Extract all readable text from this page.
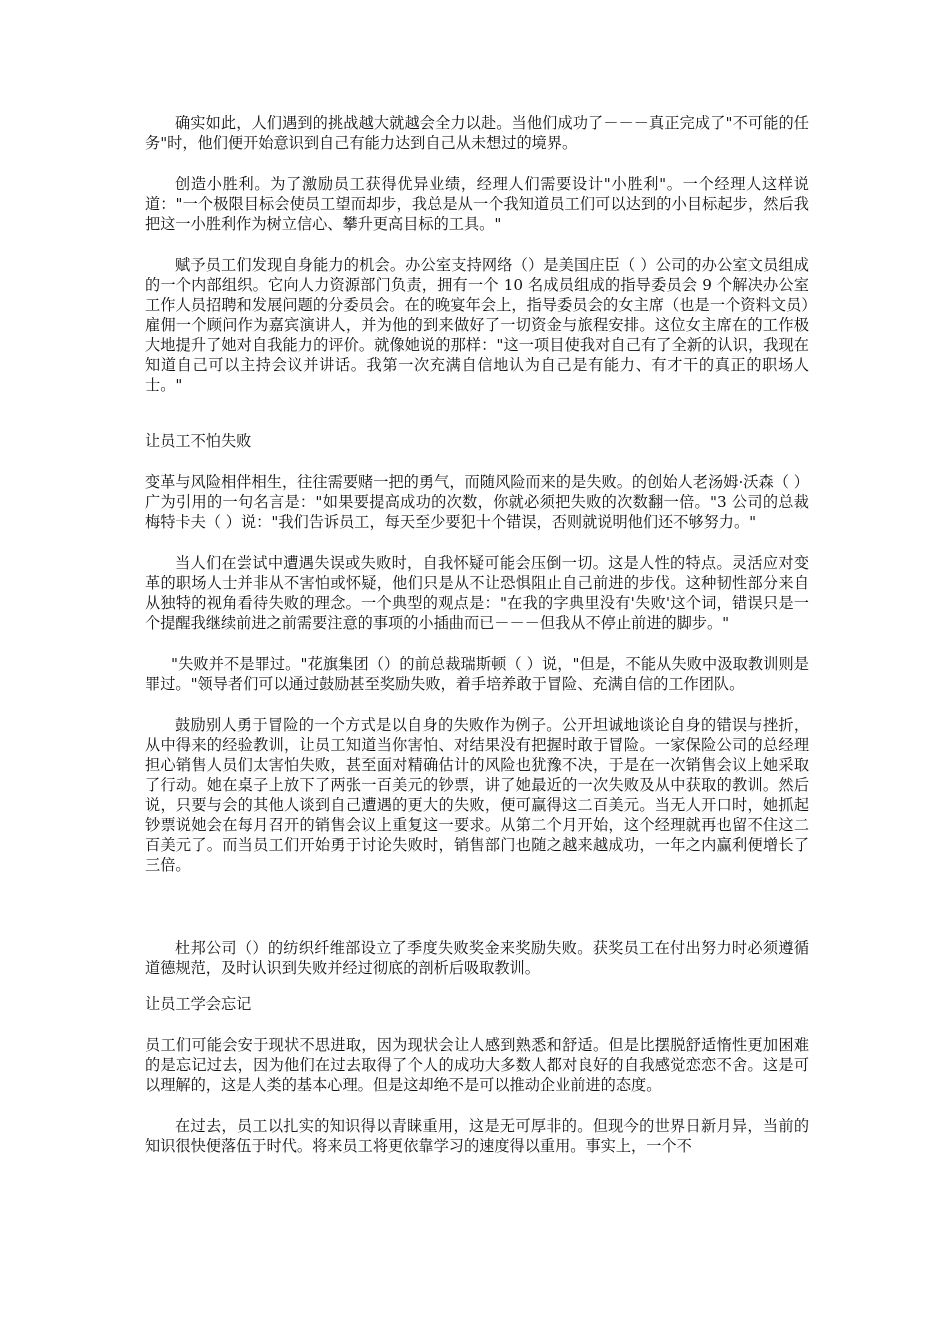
确实如此，人们遇到的挑战越大就越会全力以赴。当他们成功了－－－真正完成了"不可能的任务"时，他们便开始意识到自己有能力达到自己从未想过的境界。

创造小胜利。为了激励员工获得优异业绩，经理人们需要设计"小胜利"。一个经理人这样说道："一个极限目标会使员工望而却步，我总是从一个我知道员工们可以达到的小目标起步，然后我把这一小胜利作为树立信心、攀升更高目标的工具。"

赋予员工们发现自身能力的机会。办公室支持网络（）是美国庄臣（ ）公司的办公室文员组成的一个内部组织。它向人力资源部门负责，拥有一个 10 名成员组成的指导委员会 9 个解决办公室工作人员招聘和发展问题的分委员会。在的晚宴年会上，指导委员会的女主席（也是一个资料文员）雇佣一个顾问作为嘉宾演讲人，并为他的到来做好了一切资金与旅程安排。这位女主席在的工作极大地提升了她对自我能力的评价。就像她说的那样："这一项目使我对自己有了全新的认识，我现在知道自己可以主持会议并讲话。我第一次充满自信地认为自己是有能力、有才干的真正的职场人士。"

让员工不怕失败

变革与风险相伴相生，往往需要赌一把的勇气，而随风险而来的是失败。的创始人老汤姆·沃森（ ）广为引用的一句名言是："如果要提高成功的次数，你就必须把失败的次数翻一倍。"3 公司的总裁梅特卡夫（ ）说："我们告诉员工，每天至少要犯十个错误，否则就说明他们还不够努力。"

当人们在尝试中遭遇失误或失败时，自我怀疑可能会压倒一切。这是人性的特点。灵活应对变革的职场人士并非从不害怕或怀疑，他们只是从不让恐惧阻止自己前进的步伐。这种韧性部分来自从独特的视角看待失败的理念。一个典型的观点是："在我的字典里没有'失败'这个词，错误只是一个提醒我继续前进之前需要注意的事项的小插曲而已－－－但我从不停止前进的脚步。"

"失败并不是罪过。"花旗集团（）的前总裁瑞斯顿（ ）说，"但是，不能从失败中汲取教训则是罪过。"领导者们可以通过鼓励甚至奖励失败，着手培养敢于冒险、充满自信的工作团队。

鼓励别人勇于冒险的一个方式是以自身的失败作为例子。公开坦诚地谈论自身的错误与挫折，从中得来的经验教训，让员工知道当你害怕、对结果没有把握时敢于冒险。一家保险公司的总经理担心销售人员们太害怕失败，甚至面对精确估计的风险也犹豫不决，于是在一次销售会议上她采取了行动。她在桌子上放下了两张一百美元的钞票，讲了她最近的一次失败及从中获取的教训。然后说，只要与会的其他人谈到自己遭遇的更大的失败，便可赢得这二百美元。当无人开口时，她抓起钞票说她会在每月召开的销售会议上重复这一要求。从第二个月开始，这个经理就再也留不住这二百美元了。而当员工们开始勇于讨论失败时，销售部门也随之越来越成功，一年之内赢利便增长了三倍。

杜邦公司（）的纺织纤维部设立了季度失败奖金来奖励失败。获奖员工在付出努力时必须遵循道德规范，及时认识到失败并经过彻底的剖析后吸取教训。

让员工学会忘记

员工们可能会安于现状不思进取，因为现状会让人感到熟悉和舒适。但是比摆脱舒适惰性更加困难的是忘记过去，因为他们在过去取得了个人的成功大多数人都对良好的自我感觉恋恋不舍。这是可以理解的，这是人类的基本心理。但是这却绝不是可以推动企业前进的态度。

在过去，员工以扎实的知识得以青睐重用，这是无可厚非的。但现今的世界日新月异，当前的知识很快便落伍于时代。将来员工将更依靠学习的速度得以重用。事实上，一个不
